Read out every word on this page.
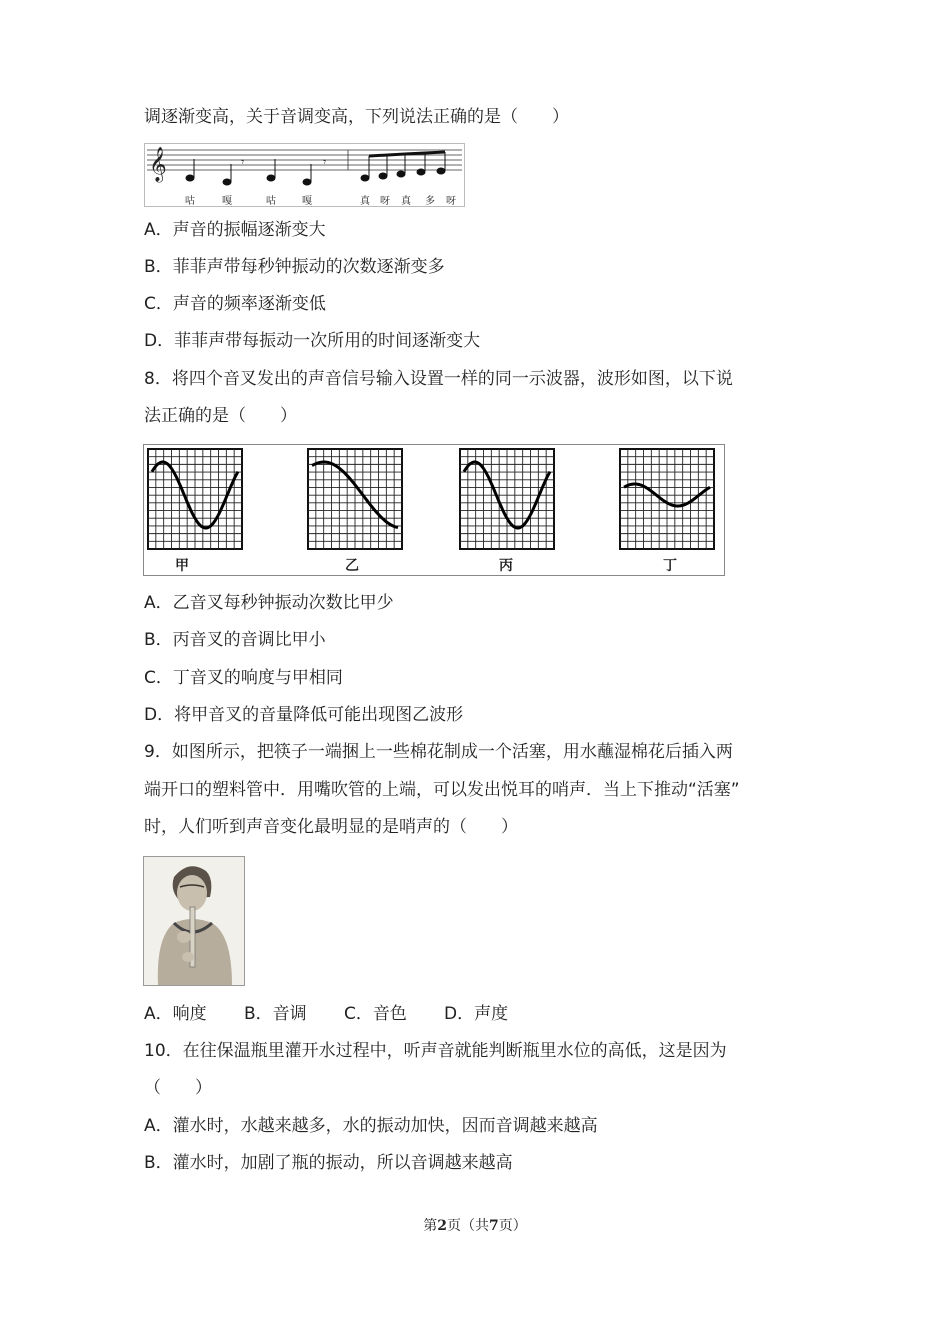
调逐渐变高，关于音调变高，下列说法正确的是（　　）
𝄞	𝄾	𝄾
咕	嘎	咕	嘎	真 呀 真 多 呀
A．声音的振幅逐渐变大
B．菲菲声带每秒钟振动的次数逐渐变多
C．声音的频率逐渐变低
D．菲菲声带每振动一次所用的时间逐渐变大
8．将四个音叉发出的声音信号输入设置一样的同一示波器，波形如图，以下说
法正确的是（　　）
甲	乙	丙	丁
A．乙音叉每秒钟振动次数比甲少
B．丙音叉的音调比甲小
C．丁音叉的响度与甲相同
D．将甲音叉的音量降低可能出现图乙波形
9．如图所示，把筷子一端捆上一些棉花制成一个活塞，用水蘸湿棉花后插入两
端开口的塑料管中．用嘴吹管的上端，可以发出悦耳的哨声．当上下推动“活塞”
时，人们听到声音变化最明显的是哨声的（　　）
A．响度 B．音调 C．音色 D．声度
10．在往保温瓶里灌开水过程中，听声音就能判断瓶里水位的高低，这是因为
（　　）
A．灌水时，水越来越多，水的振动加快，因而音调越来越高
B．灌水时，加剧了瓶的振动，所以音调越来越高
第2页（共7页）
